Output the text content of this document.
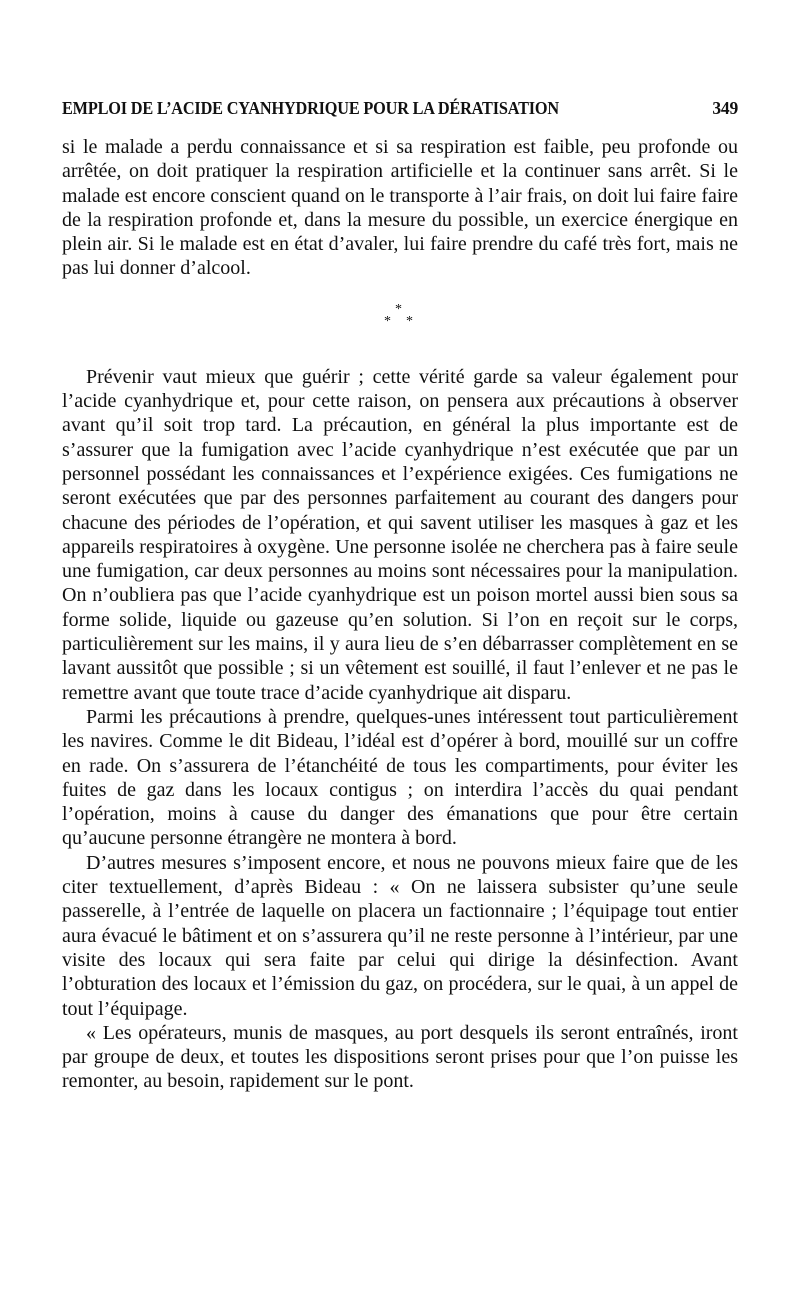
EMPLOI DE L’ACIDE CYANHYDRIQUE POUR LA DÉRATISATION	349

si le malade a perdu connaissance et si sa respiration est faible, peu profonde ou arrêtée, on doit pratiquer la respiration artificielle et la continuer sans arrêt. Si le malade est encore conscient quand on le transporte à l’air frais, on doit lui faire faire de la respiration profonde et, dans la mesure du possible, un exercice énergique en plein air. Si le malade est en état d’avaler, lui faire prendre du café très fort, mais ne pas lui donner d’alcool.

*
* *

Prévenir vaut mieux que guérir ; cette vérité garde sa valeur également pour l’acide cyanhydrique et, pour cette raison, on pensera aux précautions à observer avant qu’il soit trop tard. La précaution, en général la plus importante est de s’assurer que la fumigation avec l’acide cyanhydrique n’est exécutée que par un personnel possédant les connaissances et l’expérience exigées. Ces fumigations ne seront exécutées que par des personnes parfaitement au courant des dangers pour chacune des périodes de l’opération, et qui savent utiliser les masques à gaz et les appareils respiratoires à oxygène. Une personne isolée ne cherchera pas à faire seule une fumigation, car deux personnes au moins sont nécessaires pour la manipulation. On n’oubliera pas que l’acide cyanhydrique est un poison mortel aussi bien sous sa forme solide, liquide ou gazeuse qu’en solution. Si l’on en reçoit sur le corps, particulièrement sur les mains, il y aura lieu de s’en débarrasser complètement en se lavant aussitôt que possible ; si un vêtement est souillé, il faut l’enlever et ne pas le remettre avant que toute trace d’acide cyanhydrique ait disparu.

Parmi les précautions à prendre, quelques-unes intéressent tout particulièrement les navires. Comme le dit Bideau, l’idéal est d’opérer à bord, mouillé sur un coffre en rade. On s’assurera de l’étanchéité de tous les compartiments, pour éviter les fuites de gaz dans les locaux contigus ; on interdira l’accès du quai pendant l’opération, moins à cause du danger des émanations que pour être certain qu’aucune personne étrangère ne montera à bord.

D’autres mesures s’imposent encore, et nous ne pouvons mieux faire que de les citer textuellement, d’après Bideau : « On ne laissera subsister qu’une seule passerelle, à l’entrée de laquelle on placera un factionnaire ; l’équipage tout entier aura évacué le bâtiment et on s’assurera qu’il ne reste personne à l’intérieur, par une visite des locaux qui sera faite par celui qui dirige la désinfection. Avant l’obturation des locaux et l’émission du gaz, on procédera, sur le quai, à un appel de tout l’équipage.

« Les opérateurs, munis de masques, au port desquels ils seront entraînés, iront par groupe de deux, et toutes les dispositions seront prises pour que l’on puisse les remonter, au besoin, rapidement sur le pont.
